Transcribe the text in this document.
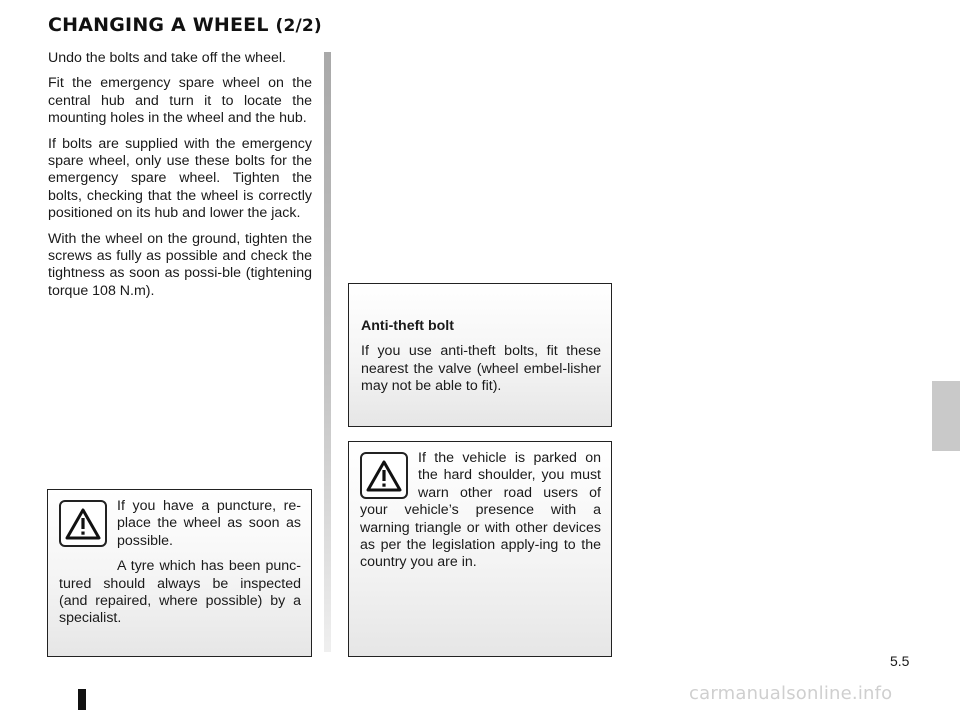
CHANGING A WHEEL (2/2)

Undo the bolts and take off the wheel.

Fit the emergency spare wheel on the central hub and turn it to locate the mounting holes in the wheel and the hub.

If bolts are supplied with the emergency spare wheel, only use these bolts for the emergency spare wheel. Tighten the bolts, checking that the wheel is correctly positioned on its hub and lower the jack.

With the wheel on the ground, tighten the screws as fully as possible and check the tightness as soon as possi-ble (tightening torque 108 N.m).

Anti-theft bolt

If you use anti-theft bolts, fit these nearest the valve (wheel embel-lisher may not be able to fit).

If you have a puncture, re-place the wheel as soon as possible.

A tyre which has been punc-tured should always be inspected (and repaired, where possible) by a specialist.

If the vehicle is parked on the hard shoulder, you must warn other road users of your vehicle’s presence with a warning triangle or with other devices as per the legislation apply-ing to the country you are in.

5.5
carmanualsonline.info
